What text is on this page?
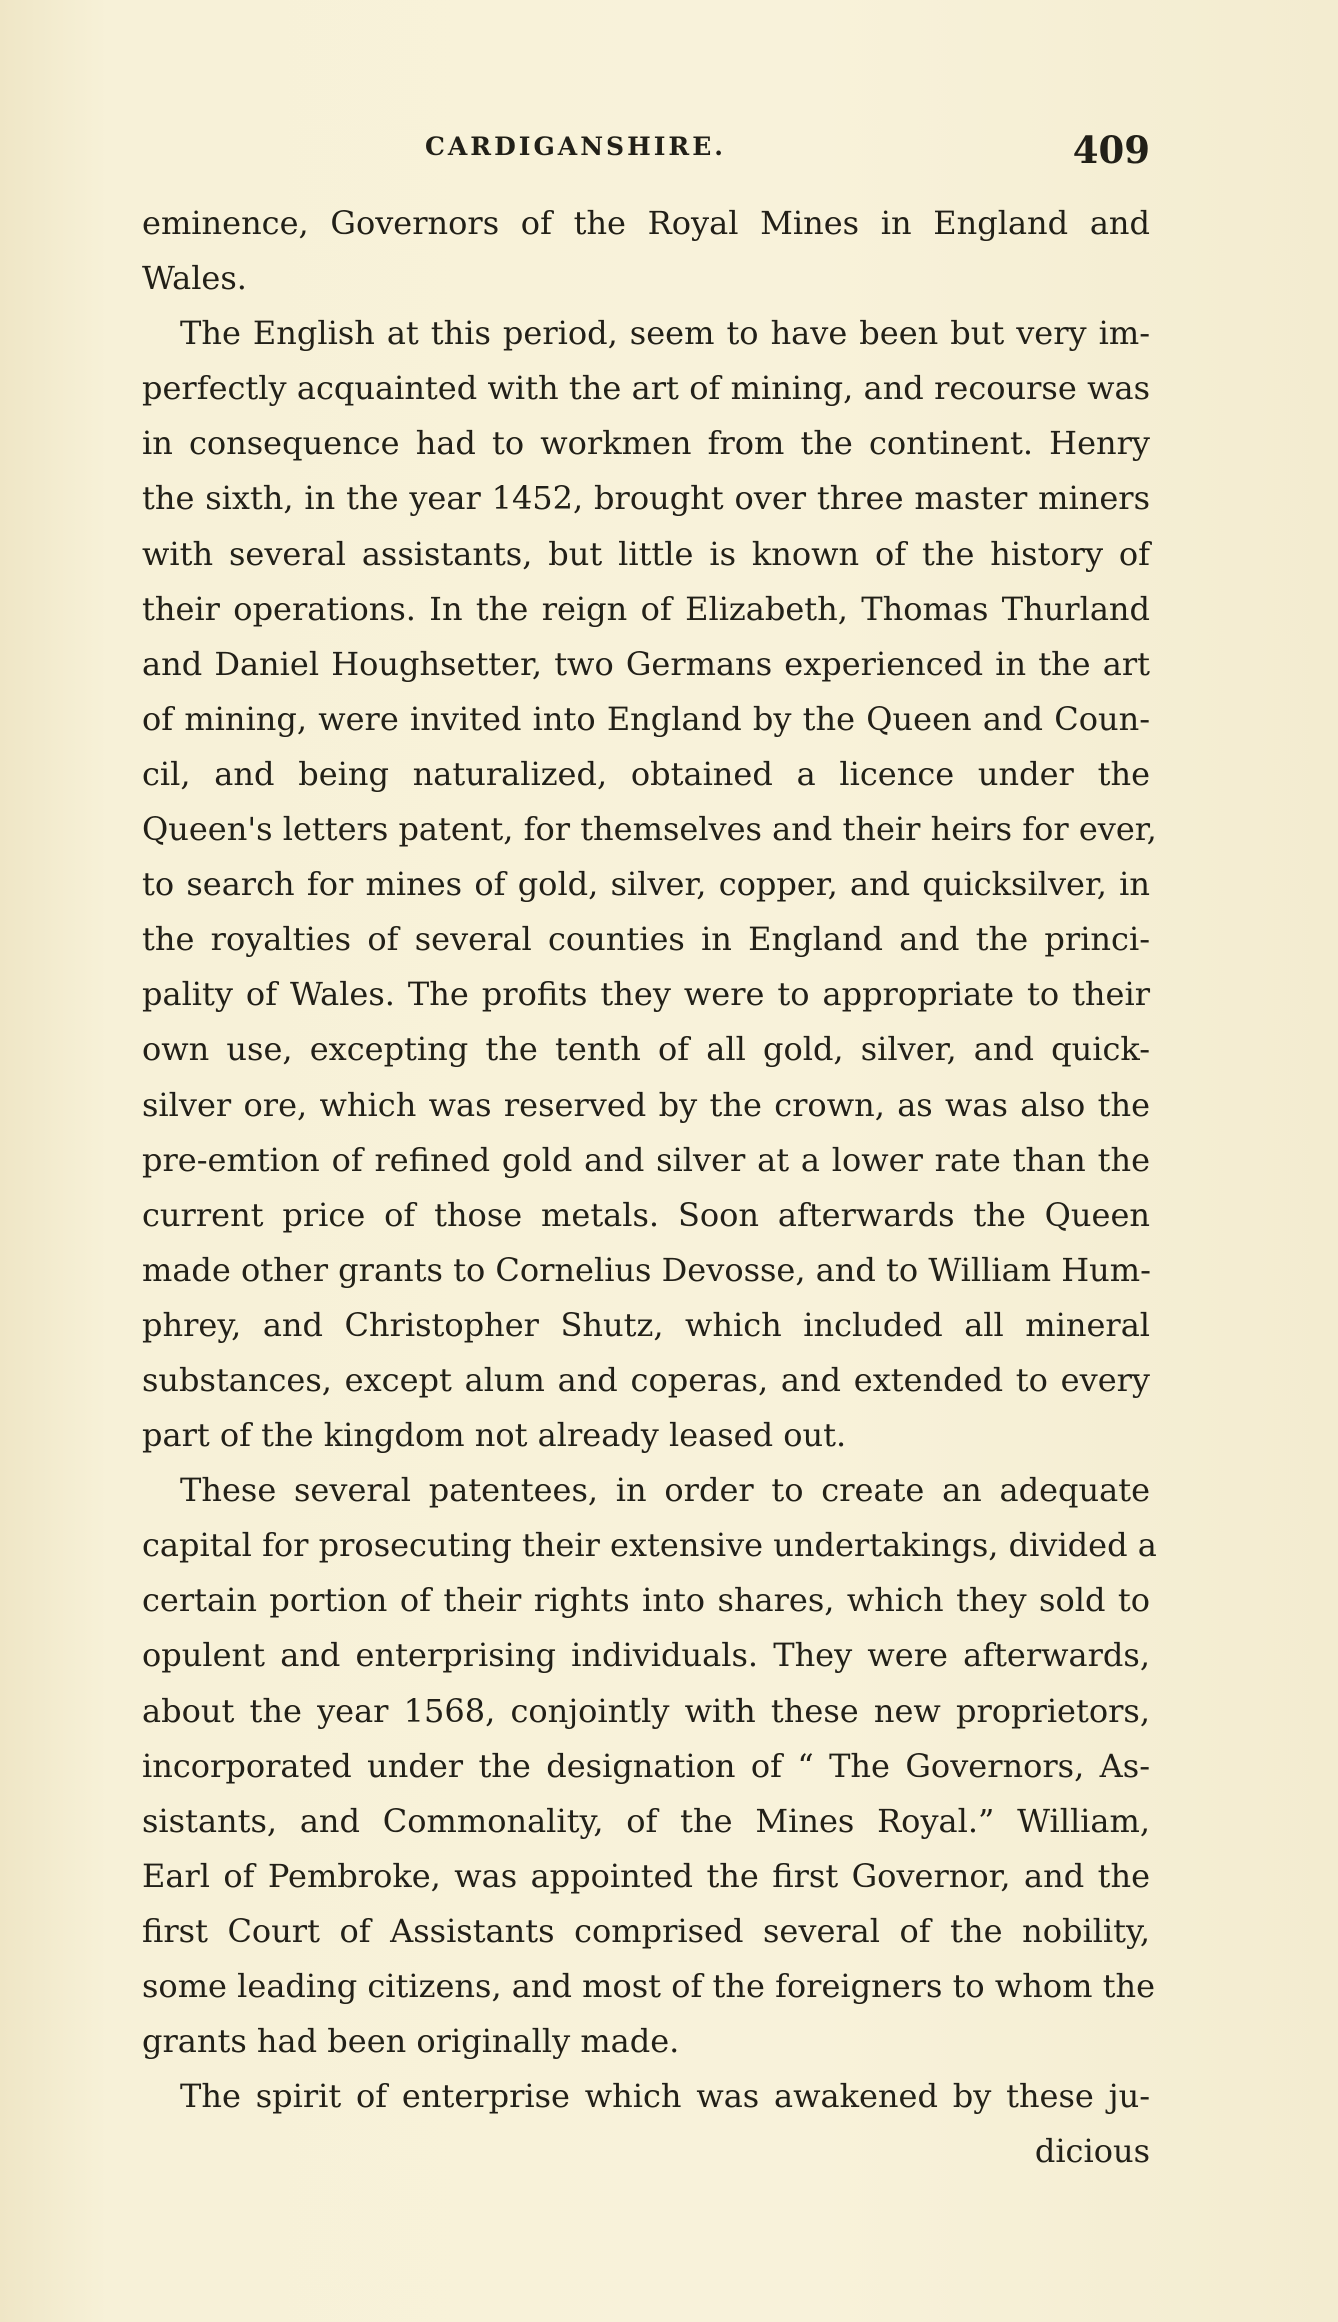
CARDIGANSHIRE.	409
eminence, Governors of the Royal Mines in England and
Wales.
The English at this period, seem to have been but very im-
perfectly acquainted with the art of mining, and recourse was
in consequence had to workmen from the continent. Henry
the sixth, in the year 1452, brought over three master miners
with several assistants, but little is known of the history of
their operations. In the reign of Elizabeth, Thomas Thurland
and Daniel Houghsetter, two Germans experienced in the art
of mining, were invited into England by the Queen and Coun-
cil, and being naturalized, obtained a licence under the
Queen's letters patent, for themselves and their heirs for ever,
to search for mines of gold, silver, copper, and quicksilver, in
the royalties of several counties in England and the princi-
pality of Wales. The profits they were to appropriate to their
own use, excepting the tenth of all gold, silver, and quick-
silver ore, which was reserved by the crown, as was also the
pre-emtion of refined gold and silver at a lower rate than the
current price of those metals. Soon afterwards the Queen
made other grants to Cornelius Devosse, and to William Hum-
phrey, and Christopher Shutz, which included all mineral
substances, except alum and coperas, and extended to every
part of the kingdom not already leased out.
These several patentees, in order to create an adequate
capital for prosecuting their extensive undertakings, divided a
certain portion of their rights into shares, which they sold to
opulent and enterprising individuals. They were afterwards,
about the year 1568, conjointly with these new proprietors,
incorporated under the designation of “ The Governors, As-
sistants, and Commonality, of the Mines Royal.” William,
Earl of Pembroke, was appointed the first Governor, and the
first Court of Assistants comprised several of the nobility,
some leading citizens, and most of the foreigners to whom the
grants had been originally made.
The spirit of enterprise which was awakened by these ju-
dicious
